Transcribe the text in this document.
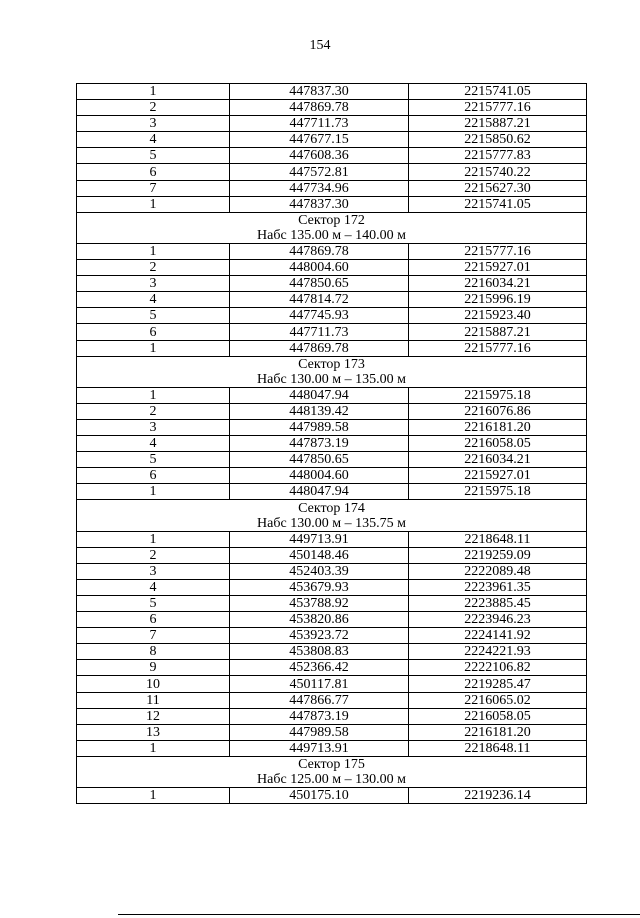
154
1	447837.30	2215741.05
2	447869.78	2215777.16
3	447711.73	2215887.21
4	447677.15	2215850.62
5	447608.36	2215777.83
6	447572.81	2215740.22
7	447734.96	2215627.30
1	447837.30	2215741.05

Сектор 172
Набс 135.00 м – 140.00 м		

1	447869.78	2215777.16
2	448004.60	2215927.01
3	447850.65	2216034.21
4	447814.72	2215996.19
5	447745.93	2215923.40
6	447711.73	2215887.21
1	447869.78	2215777.16

Сектор 173
Набс 130.00 м – 135.00 м		

1	448047.94	2215975.18
2	448139.42	2216076.86
3	447989.58	2216181.20
4	447873.19	2216058.05
5	447850.65	2216034.21
6	448004.60	2215927.01
1	448047.94	2215975.18

Сектор 174
Набс 130.00 м – 135.75 м		

1	449713.91	2218648.11
2	450148.46	2219259.09
3	452403.39	2222089.48
4	453679.93	2223961.35
5	453788.92	2223885.45
6	453820.86	2223946.23
7	453923.72	2224141.92
8	453808.83	2224221.93
9	452366.42	2222106.82
10	450117.81	2219285.47
11	447866.77	2216065.02
12	447873.19	2216058.05
13	447989.58	2216181.20
1	449713.91	2218648.11

Сектор 175
Набс 125.00 м – 130.00 м		

1	450175.10	2219236.14
